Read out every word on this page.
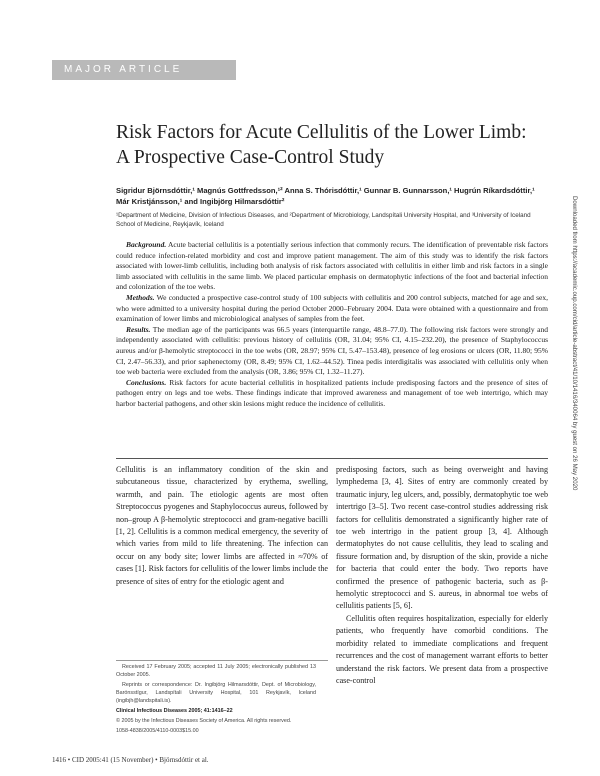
MAJOR ARTICLE
Risk Factors for Acute Cellulitis of the Lower Limb:
A Prospective Case-Control Study
Sigridur Björnsdóttir,¹ Magnús Gottfredsson,¹² Anna S. Thórisdóttir,¹ Gunnar B. Gunnarsson,¹ Hugrún Ríkardsdóttir,¹
Már Kristjánsson,¹ and Ingibjörg Hilmarsdóttir²
¹Department of Medicine, Division of Infectious Diseases, and ²Department of Microbiology, Landspítali University Hospital, and ³University of Iceland School of Medicine, Reykjavík, Iceland

Background. Acute bacterial cellulitis is a potentially serious infection that commonly recurs. The identification of preventable risk factors could reduce infection-related morbidity and cost and improve patient management. The aim of this study was to identify the risk factors associated with lower-limb cellulitis, including both analysis of risk factors associated with cellulitis in either limb and risk factors in a single limb associated with cellulitis in the same limb. We placed particular emphasis on dermatophytic infections of the foot and bacterial infection and colonization of the toe webs.

Methods. We conducted a prospective case-control study of 100 subjects with cellulitis and 200 control subjects, matched for age and sex, who were admitted to a university hospital during the period October 2000–February 2004. Data were obtained with a questionnaire and from examination of lower limbs and microbiological analyses of samples from the feet.

Results. The median age of the participants was 66.5 years (interquartile range, 48.8–77.0). The following risk factors were strongly and independently associated with cellulitis: previous history of cellulitis (OR, 31.04; 95% CI, 4.15–232.20), the presence of Staphylococcus aureus and/or β-hemolytic streptococci in the toe webs (OR, 28.97; 95% CI, 5.47–153.48), presence of leg erosions or ulcers (OR, 11.80; 95% CI, 2.47–56.33), and prior saphenectomy (OR, 8.49; 95% CI, 1.62–44.52). Tinea pedis interdigitalis was associated with cellulitis only when toe web bacteria were excluded from the analysis (OR, 3.86; 95% CI, 1.32–11.27).

Conclusions. Risk factors for acute bacterial cellulitis in hospitalized patients include predisposing factors and the presence of sites of pathogen entry on legs and toe webs. These findings indicate that improved awareness and management of toe web intertrigo, which may harbor bacterial pathogens, and other skin lesions might reduce the incidence of cellulitis.

Cellulitis is an inflammatory condition of the skin and subcutaneous tissue, characterized by erythema, swelling, warmth, and pain. The etiologic agents are most often Streptococcus pyogenes and Staphylococcus aureus, followed by non–group A β-hemolytic streptococci and gram-negative bacilli [1, 2]. Cellulitis is a common medical emergency, the severity of which varies from mild to life threatening. The infection can occur on any body site; lower limbs are affected in ≈70% of cases [1]. Risk factors for cellulitis of the lower limbs include the presence of sites of entry for the etiologic agent and

predisposing factors, such as being overweight and having lymphedema [3, 4]. Sites of entry are commonly created by traumatic injury, leg ulcers, and, possibly, dermatophytic toe web intertrigo [3–5]. Two recent case-control studies addressing risk factors for cellulitis demonstrated a significantly higher rate of toe web intertrigo in the patient group [3, 4]. Although dermatophytes do not cause cellulitis, they lead to scaling and fissure formation and, by disruption of the skin, provide a niche for bacteria that could enter the body. Two reports have confirmed the presence of pathogenic bacteria, such as β-hemolytic streptococci and S. aureus, in abnormal toe webs of cellulitis patients [5, 6].

Cellulitis often requires hospitalization, especially for elderly patients, who frequently have comorbid conditions. The morbidity related to immediate complications and frequent recurrences and the cost of management warrant efforts to better understand the risk factors. We present data from a prospective case-control

Received 17 February 2005; accepted 11 July 2005; electronically published 13 October 2005.

Reprints or correspondence: Dr. Ingibjörg Hilmarsdóttir, Dept. of Microbiology, Barónsstígur, Landspítali University Hospital, 101 Reykjavík, Iceland (ingibjh@landspitali.is).

Clinical Infectious Diseases 2005; 41:1416–22

© 2005 by the Infectious Diseases Society of America. All rights reserved.

1058-4838/2005/4110-0003$15.00

1416 • CID 2005:41 (15 November) • Björnsdóttir et al.
Downloaded from https://academic.oup.com/cid/article-abstract/41/10/1416/340064 by guest on 26 May 2020
